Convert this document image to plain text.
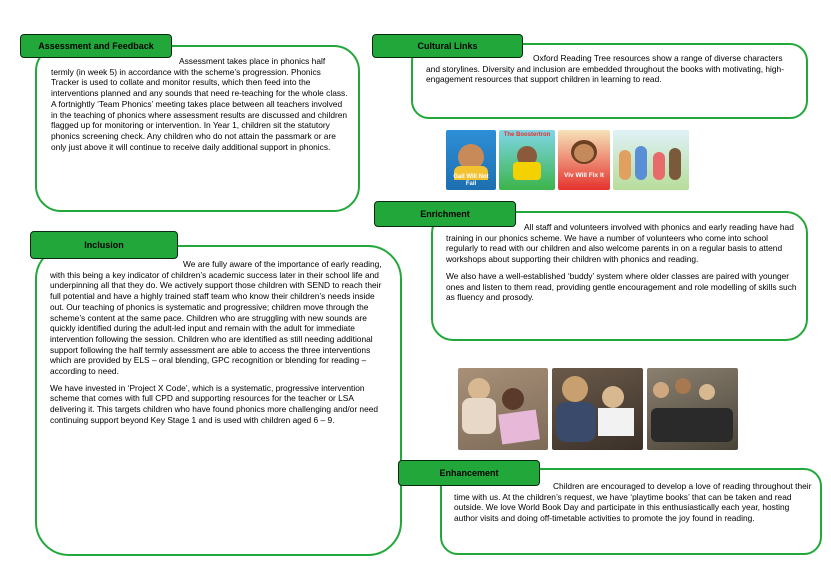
Assessment and Feedback

Assessment takes place in phonics half termly (in week 5) in accordance with the scheme’s progression. Phonics Tracker is used to collate and monitor results, which then feed into the interventions planned and any sounds that need re-teaching for the whole class. A fortnightly ‘Team Phonics’ meeting takes place between all teachers involved in the teaching of phonics where assessment results are discussed and children flagged up for monitoring or intervention. In Year 1, children sit the statutory phonics screening check. Any children who do not attain the passmark or are only just above it will continue to receive daily additional support in phonics.

Cultural Links

Oxford Reading Tree resources show a range of diverse characters and storylines. Diversity and inclusion are embedded throughout the books with motivating, high-engagement resources that support children in learning to read.

Gail Will Not Fail
The Boostertron
Viv Will Fix It
Inclusion

We are fully aware of the importance of early reading, with this being a key indicator of children’s academic success later in their school life and underpinning all that they do. We actively support those children with SEND to reach their full potential and have a highly trained staff team who know their children’s needs inside out. Our teaching of phonics is systematic and progressive; children move through the scheme’s content at the same pace. Children who are struggling with new sounds are quickly identified during the adult-led input and remain with the adult for immediate intervention following the session. Children who are identified as still needing additional support following the half termly assessment are able to access the three interventions which are provided by ELS – oral blending, GPC recognition or blending for reading – according to need.

We have invested in ‘Project X Code’, which is a systematic, progressive intervention scheme that comes with full CPD and supporting resources for the teacher or LSA delivering it. This targets children who have found phonics more challenging and/or need continuing support beyond Key Stage 1 and is used with children aged 6 – 9.

Enrichment

All staff and volunteers involved with phonics and early reading have had training in our phonics scheme. We have a number of volunteers who come into school regularly to read with our children and also welcome parents in on a regular basis to attend workshops about supporting their children with phonics and reading.

We also have a well-established ‘buddy’ system where older classes are paired with younger ones and listen to them read, providing gentle encouragement and role modelling of skills such as fluency and prosody.

Enhancement

Children are encouraged to develop a love of reading throughout their time with us. At the children’s request, we have ‘playtime books’ that can be taken and read outside. We love World Book Day and participate in this enthusiastically each year, hosting author visits and doing off-timetable activities to promote the joy found in reading.
